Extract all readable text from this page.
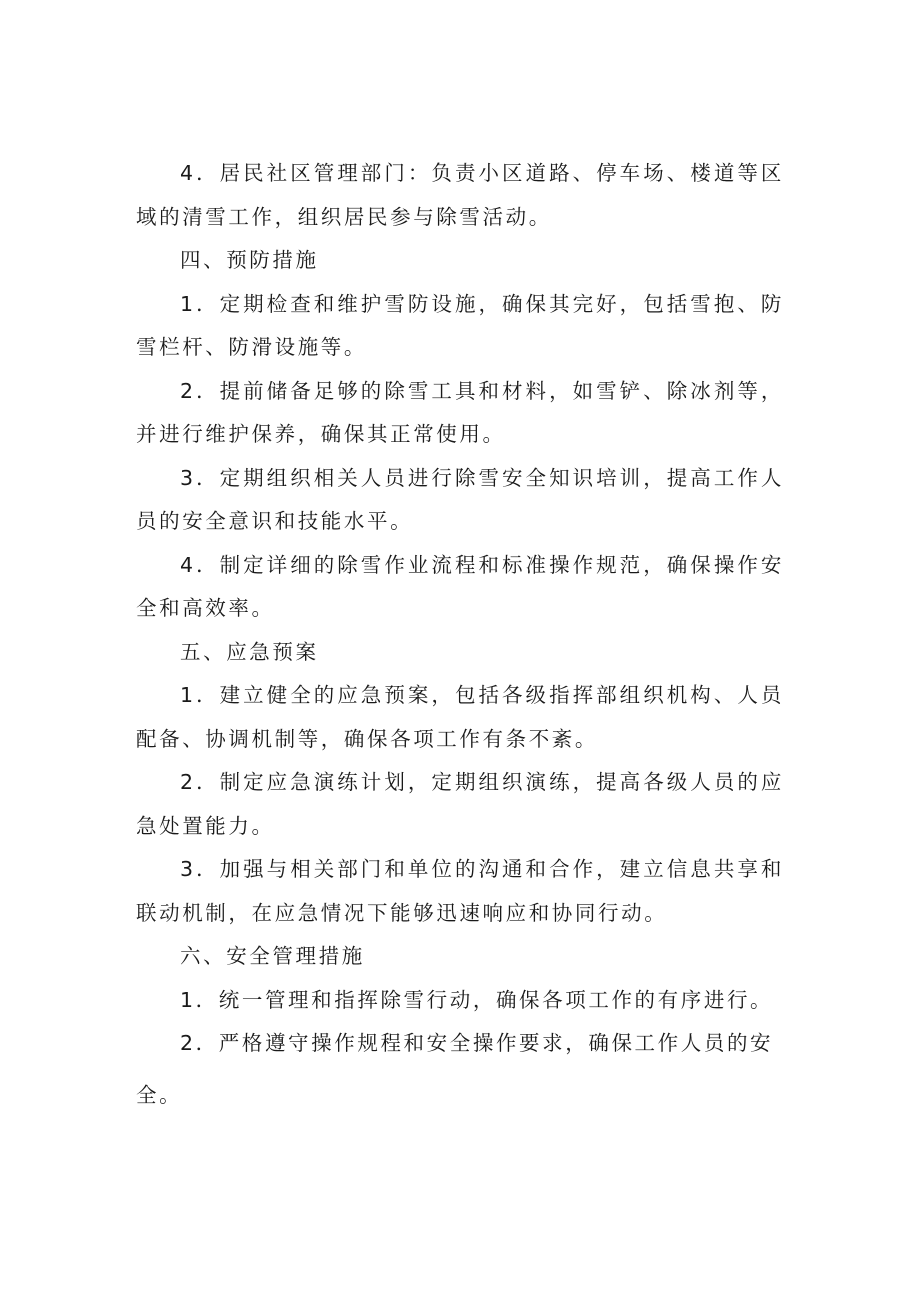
4．居民社区管理部门：负责小区道路、停车场、楼道等区域的清雪工作，组织居民参与除雪活动。

四、预防措施

1．定期检查和维护雪防设施，确保其完好，包括雪抱、防雪栏杆、防滑设施等。

2．提前储备足够的除雪工具和材料，如雪铲、除冰剂等，并进行维护保养，确保其正常使用。

3．定期组织相关人员进行除雪安全知识培训，提高工作人员的安全意识和技能水平。

4．制定详细的除雪作业流程和标准操作规范，确保操作安全和高效率。

五、应急预案

1．建立健全的应急预案，包括各级指挥部组织机构、人员配备、协调机制等，确保各项工作有条不紊。

2．制定应急演练计划，定期组织演练，提高各级人员的应急处置能力。

3．加强与相关部门和单位的沟通和合作，建立信息共享和联动机制，在应急情况下能够迅速响应和协同行动。

六、安全管理措施

1．统一管理和指挥除雪行动，确保各项工作的有序进行。

2．严格遵守操作规程和安全操作要求，确保工作人员的安

全。
